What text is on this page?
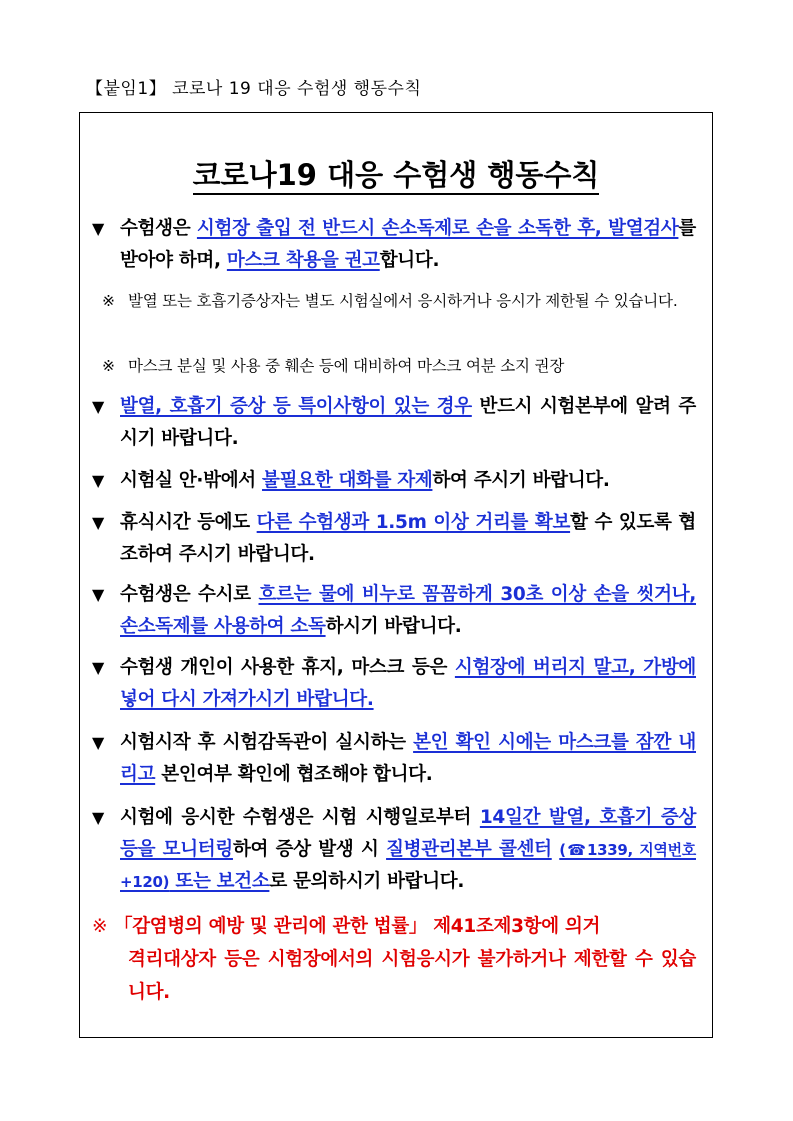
【붙임1】 코로나 19 대응 수험생 행동수칙
코로나19 대응 수험생 행동수칙
▼ 수험생은 시험장 출입 전 반드시 손소독제로 손을 소독한 후, 발열검사를 받아야 하며, 마스크 착용을 권고합니다.
※ 발열 또는 호흡기증상자는 별도 시험실에서 응시하거나 응시가 제한될 수 있습니다.
※ 마스크 분실 및 사용 중 훼손 등에 대비하여 마스크 여분 소지 권장
▼ 발열, 호흡기 증상 등 특이사항이 있는 경우 반드시 시험본부에 알려 주시기 바랍니다.
▼ 시험실 안·밖에서 불필요한 대화를 자제하여 주시기 바랍니다.
▼ 휴식시간 등에도 다른 수험생과 1.5m 이상 거리를 확보할 수 있도록 협조하여 주시기 바랍니다.
▼ 수험생은 수시로 흐르는 물에 비누로 꼼꼼하게 30초 이상 손을 씻거나, 손소독제를 사용하여 소독하시기 바랍니다.
▼ 수험생 개인이 사용한 휴지, 마스크 등은 시험장에 버리지 말고, 가방에 넣어 다시 가져가시기 바랍니다.
▼ 시험시작 후 시험감독관이 실시하는 본인 확인 시에는 마스크를 잠깐 내리고 본인여부 확인에 협조해야 합니다.
▼ 시험에 응시한 수험생은 시험 시행일로부터 14일간 발열, 호흡기 증상 등을 모니터링하여 증상 발생 시 질병관리본부 콜센터 (☎1339, 지역번호+120) 또는 보건소로 문의하시기 바랍니다.
※ 「감염병의 예방 및 관리에 관한 법률」 제41조제3항에 의거
격리대상자 등은 시험장에서의 시험응시가 불가하거나 제한할 수 있습니다.
